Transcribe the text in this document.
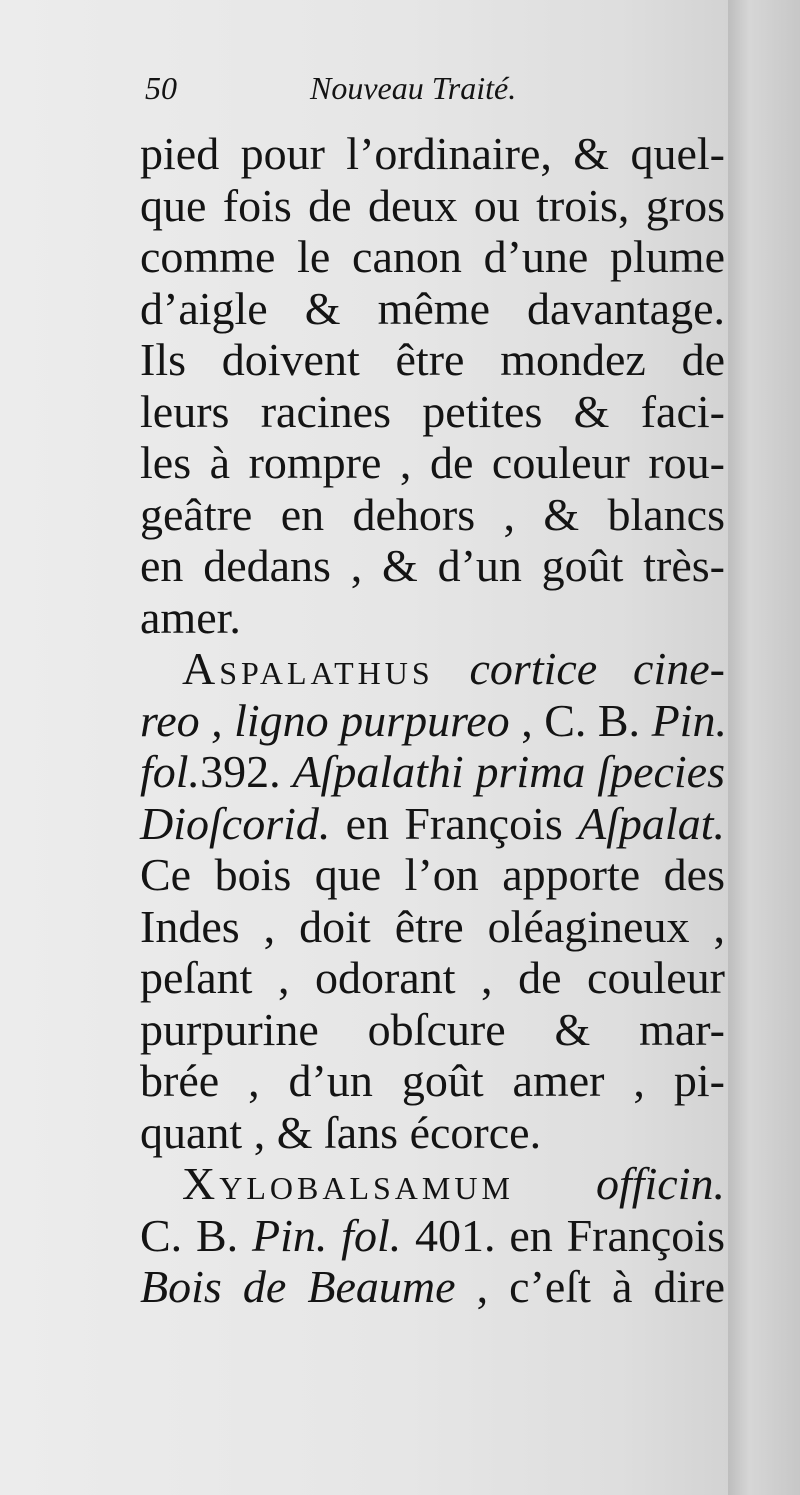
50	Nouveau Traité.
pied pour l’ordinaire, & quel-
que fois de deux ou trois, gros
comme le canon d’une plume
d’aigle & même davantage.
Ils doivent être mondez de
leurs racines petites & faci-
les à rompre , de couleur rou-
geâtre en dehors , & blancs
en dedans , & d’un goût très-
amer.
Aspalathus cortice cine-
reo , ligno purpureo , C. B. Pin.
fol.392. Aſpalathi prima ſpecies
Dioſcorid. en François Aſpalat.
Ce bois que l’on apporte des
Indes , doit être oléagineux ,
peſant , odorant , de couleur
purpurine obſcure & mar-
brée , d’un goût amer , pi-
quant , & ſans écorce.
Xylobalsamum officin.
C. B. Pin. fol. 401. en François
Bois de Beaume , c’eſt à dire
